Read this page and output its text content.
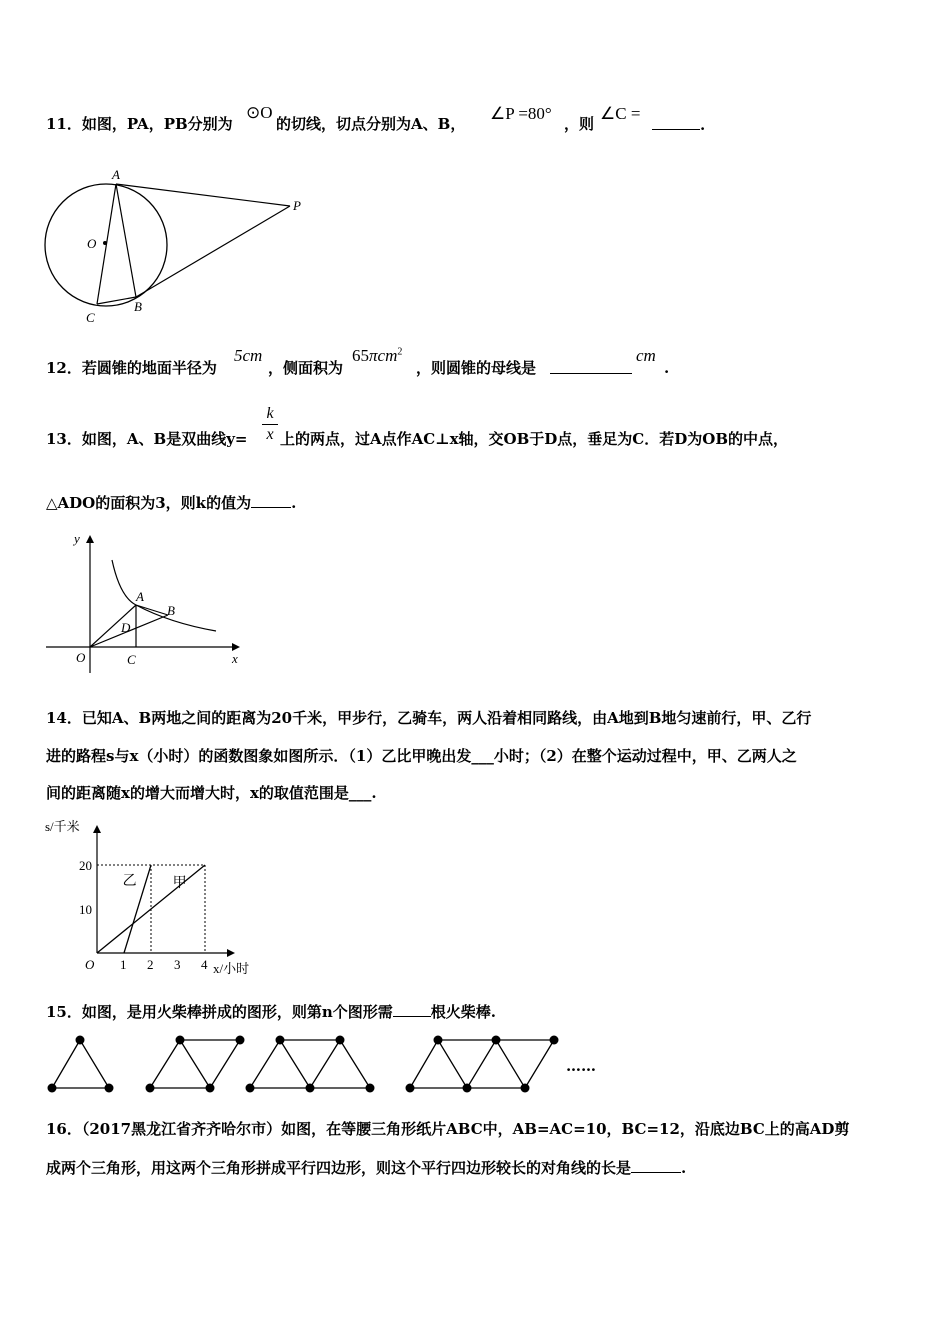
11．如图，PA，PB分别为
⊙O
的切线，切点分别为A、B，
∠P =80°
，则
∠C =
.
A
P
O
B
C
12．若圆锥的地面半径为
5cm
，侧面积为
65πcm$^2$
，则圆锥的母线是
cm
.
13．如图，A、B是双曲线$y= \frac{k}{x}$ 上的两点，过A点作AC⊥x轴，交OB于D点，垂足为C．若D为OB的中点，
△ADO的面积为3，则k的值为	.
y
A
B
D
O	C	x
14．已知A、B两地之间的距离为20千米，甲步行，乙骑车，两人沿着相同路线，由A地到B地匀速前行，甲、乙行
进的路程s与x（小时）的函数图象如图所示．（1）乙比甲晚出发___小时；（2）在整个运动过程中，甲、乙两人之
间的距离随x的增大而增大时，x的取值范围是___.
甲
乙
1 2 3 4
10
20
O
s/千米
x/小时
15．如图，是用火柴棒拼成的图形，则第n个图形需	根火柴棒.
……
16．（2017黑龙江省齐齐哈尔市）如图，在等腰三角形纸片ABC中，AB=AC=10，BC=12，沿底边BC上的高AD剪
成两个三角形，用这两个三角形拼成平行四边形，则这个平行四边形较长的对角线的长是	.
